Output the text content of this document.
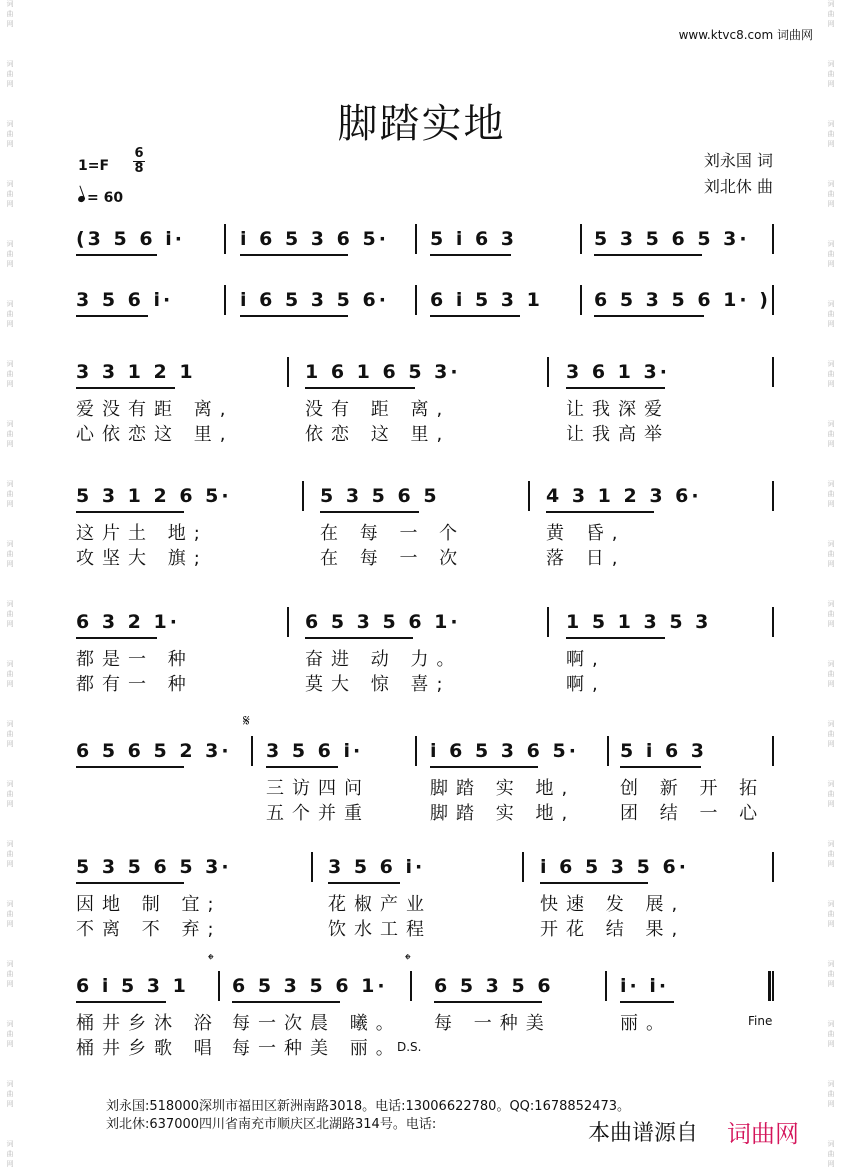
词
曲
网
词
曲
网
词
曲
网
词
曲
网
词
曲
网
词
曲
网
词
曲
网
词
曲
网
词
曲
网
词
曲
网
词
曲
网
词
曲
网
词
曲
网
词
曲
网
词
曲
网
词
曲
网
词
曲
网
词
曲
网
词
曲
网
词
曲
网
词
曲
网
词
曲
网
词
曲
网
词
曲
网
词
曲
网
词
曲
网
词
曲
网
词
曲
网
词
曲
网
词
曲
网
词
曲
网
词
曲
网
词
曲
网
词
曲
网
词
曲
网
词
曲
网
词
曲
网
词
曲
网
词
曲
网
词
曲
网
www.ktvc8.com 词曲网
脚踏实地
1=F
6
8
= 60
刘永国 词
刘北休 曲
(3 5 6 i·	i 6 5 3 6 5· 5 i 6 3	5 3 5 6 5 3·
3 5 6 i·	i 6 5 3 5 6· 6 i 5 3 1	6 5 3 5 6 1· )
3 3 1 2 1	1 6 1 6 5 3·	3 6 1 3·
爱没有距 离,	没有 距 离,	让我深爱
心依恋这 里,	依恋 这 里,	让我高举
5 3 1 2 6 5·	5 3 5 6 5	4 3 1 2 3 6·
这片土 地;	在 每 一 个	黄 昏,
攻坚大 旗;	在 每 一 次	落 日,
6 3 2 1·	6 5 3 5 6 1·	1 5 1 3 5 3
都是一 种	奋进 动 力。	啊,
都有一 种	莫大 惊 喜;	啊,
6 5 6 5 2 3· 3 5 6 i·	i 6 5 3 6 5· 5 i 6 3
三访四问	脚踏 实 地, 创 新 开 拓
五个并重	脚踏 实 地, 团 结 一 心
5 3 5 6 5 3·	3 5 6 i·	i 6 5 3 5 6·
因地 制 宜;	花椒产业	快速 发 展,
不离 不 弃;	饮水工程	开花 结 果,
6 i 5 3 1 6 5 3 5 6 1· 6 5 3 5 6	i· i·
桶井乡沐 浴 每一次晨 曦。 每 一种美	丽。
桶井乡歌 唱 每一种美 丽。
Fine
D.S.
𝄋
𝄌	𝄌
刘永国:518000深圳市福田区新洲南路3018。电话:13006622780。QQ:1678852473。
刘北休:637000四川省南充市顺庆区北湖路314号。电话:	本曲谱源自 词曲网
